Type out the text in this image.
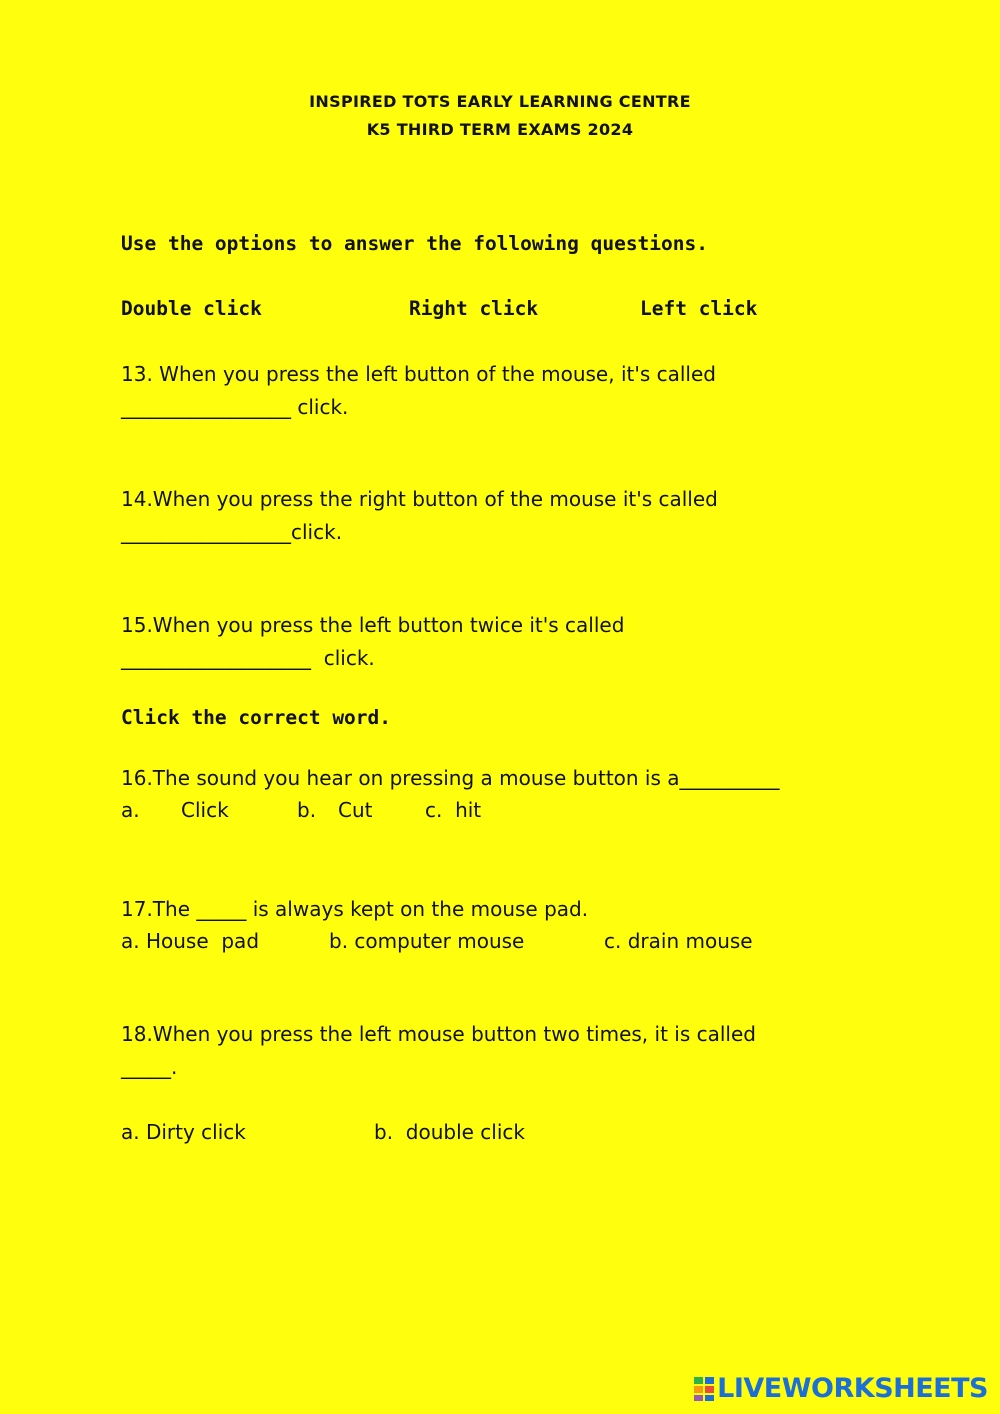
INSPIRED TOTS EARLY LEARNING CENTRE
K5 THIRD TERM EXAMS 2024
Use the options to answer the following questions.
Double click	Right click	Left click
13. When you press the left button of the mouse, it's called
_________________ click.
14.When you press the right button of the mouse it's called
_________________click.
15.When you press the left button twice it's called
___________________  click.
Click the correct word.
16.The sound you hear on pressing a mouse button is a__________
a. Click	b. Cut	c.  hit
17.The _____ is always kept on the mouse pad.
a. House  pad	b. computer mouse	c. drain mouse
18.When you press the left mouse button two times, it is called
_____.
a. Dirty click	b.  double click
LIVEWORKSHEETS
